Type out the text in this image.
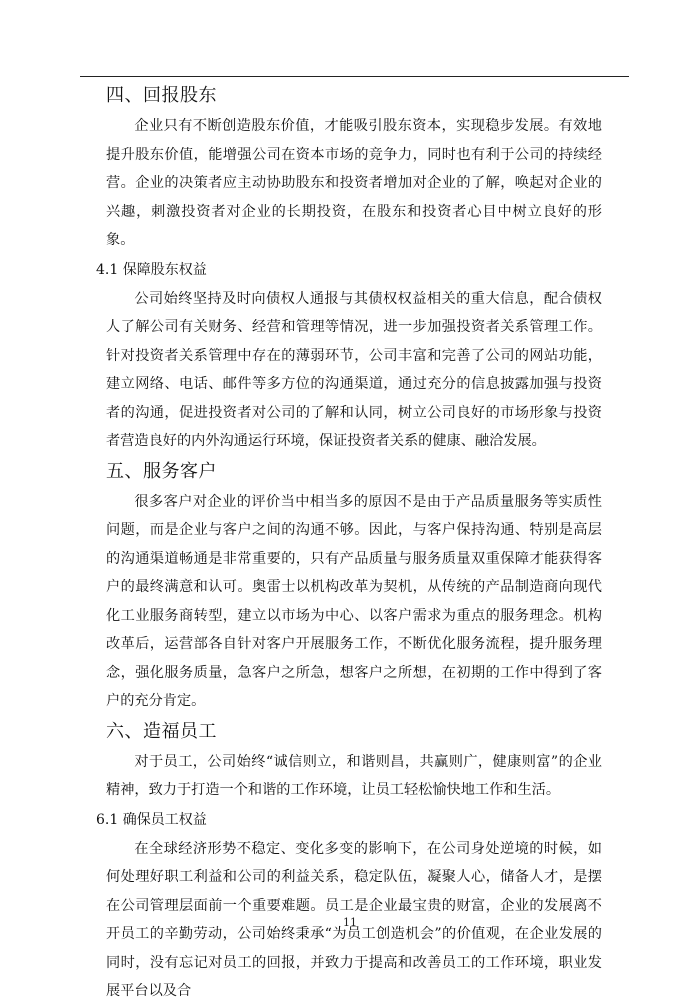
四、回报股东

企业只有不断创造股东价值，才能吸引股东资本，实现稳步发展。有效地提升股东价值，能增强公司在资本市场的竞争力，同时也有利于公司的持续经营。企业的决策者应主动协助股东和投资者增加对企业的了解，唤起对企业的兴趣，刺激投资者对企业的长期投资，在股东和投资者心目中树立良好的形象。

4.1 保障股东权益

公司始终坚持及时向债权人通报与其债权权益相关的重大信息，配合债权人了解公司有关财务、经营和管理等情况，进一步加强投资者关系管理工作。针对投资者关系管理中存在的薄弱环节，公司丰富和完善了公司的网站功能，建立网络、电话、邮件等多方位的沟通渠道，通过充分的信息披露加强与投资者的沟通，促进投资者对公司的了解和认同，树立公司良好的市场形象与投资者营造良好的内外沟通运行环境，保证投资者关系的健康、融洽发展。

五、服务客户

很多客户对企业的评价当中相当多的原因不是由于产品质量服务等实质性问题，而是企业与客户之间的沟通不够。因此，与客户保持沟通、特别是高层的沟通渠道畅通是非常重要的，只有产品质量与服务质量双重保障才能获得客户的最终满意和认可。奥雷士以机构改革为契机，从传统的产品制造商向现代化工业服务商转型，建立以市场为中心、以客户需求为重点的服务理念。机构改革后，运营部各自针对客户开展服务工作，不断优化服务流程，提升服务理念，强化服务质量，急客户之所急，想客户之所想，在初期的工作中得到了客户的充分肯定。

六、造福员工

对于员工，公司始终“诚信则立，和谐则昌，共赢则广，健康则富”的企业精神，致力于打造一个和谐的工作环境，让员工轻松愉快地工作和生活。

6.1 确保员工权益

在全球经济形势不稳定、变化多变的影响下，在公司身处逆境的时候，如何处理好职工利益和公司的利益关系，稳定队伍，凝聚人心，储备人才，是摆在公司管理层面前一个重要难题。员工是企业最宝贵的财富，企业的发展离不开员工的辛勤劳动，公司始终秉承“为员工创造机会”的价值观，在企业发展的同时，没有忘记对员工的回报，并致力于提高和改善员工的工作环境，职业发展平台以及合

11
